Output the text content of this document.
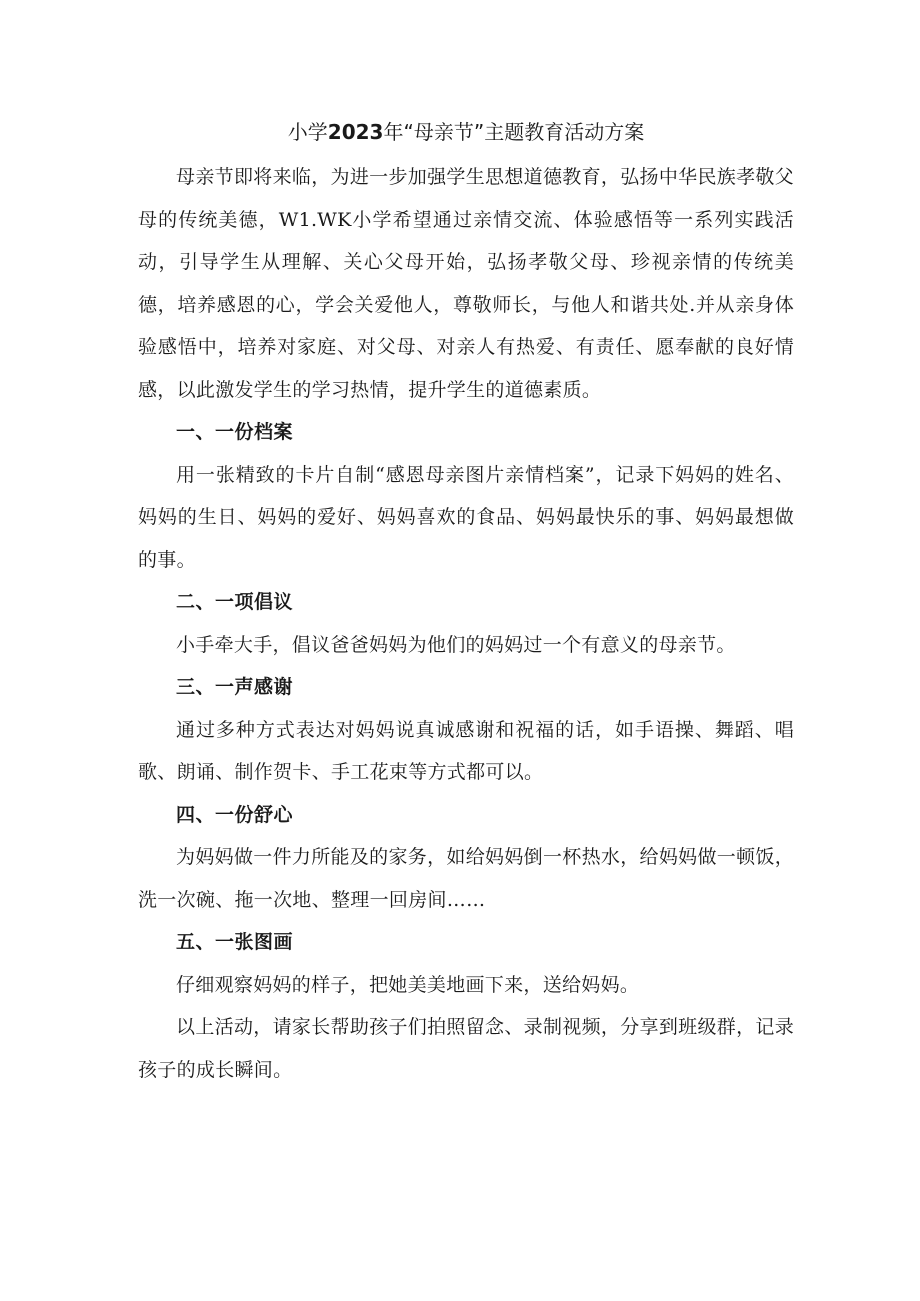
小学2023年“母亲节”主题教育活动方案

母亲节即将来临，为进一步加强学生思想道德教育，弘扬中华民族孝敬父母的传统美德，W1.WK小学希望通过亲情交流、体验感悟等一系列实践活动，引导学生从理解、关心父母开始，弘扬孝敬父母、珍视亲情的传统美德，培养感恩的心，学会关爱他人，尊敬师长，与他人和谐共处.并从亲身体验感悟中，培养对家庭、对父母、对亲人有热爱、有责任、愿奉献的良好情感，以此激发学生的学习热情，提升学生的道德素质。

一、一份档案

用一张精致的卡片自制“感恩母亲图片亲情档案”，记录下妈妈的姓名、妈妈的生日、妈妈的爱好、妈妈喜欢的食品、妈妈最快乐的事、妈妈最想做的事。

二、一项倡议

小手牵大手，倡议爸爸妈妈为他们的妈妈过一个有意义的母亲节。

三、一声感谢

通过多种方式表达对妈妈说真诚感谢和祝福的话，如手语操、舞蹈、唱歌、朗诵、制作贺卡、手工花束等方式都可以。

四、一份舒心

为妈妈做一件力所能及的家务，如给妈妈倒一杯热水，给妈妈做一顿饭，洗一次碗、拖一次地、整理一回房间……

五、一张图画

仔细观察妈妈的样子，把她美美地画下来，送给妈妈。

以上活动，请家长帮助孩子们拍照留念、录制视频，分享到班级群，记录孩子的成长瞬间。
